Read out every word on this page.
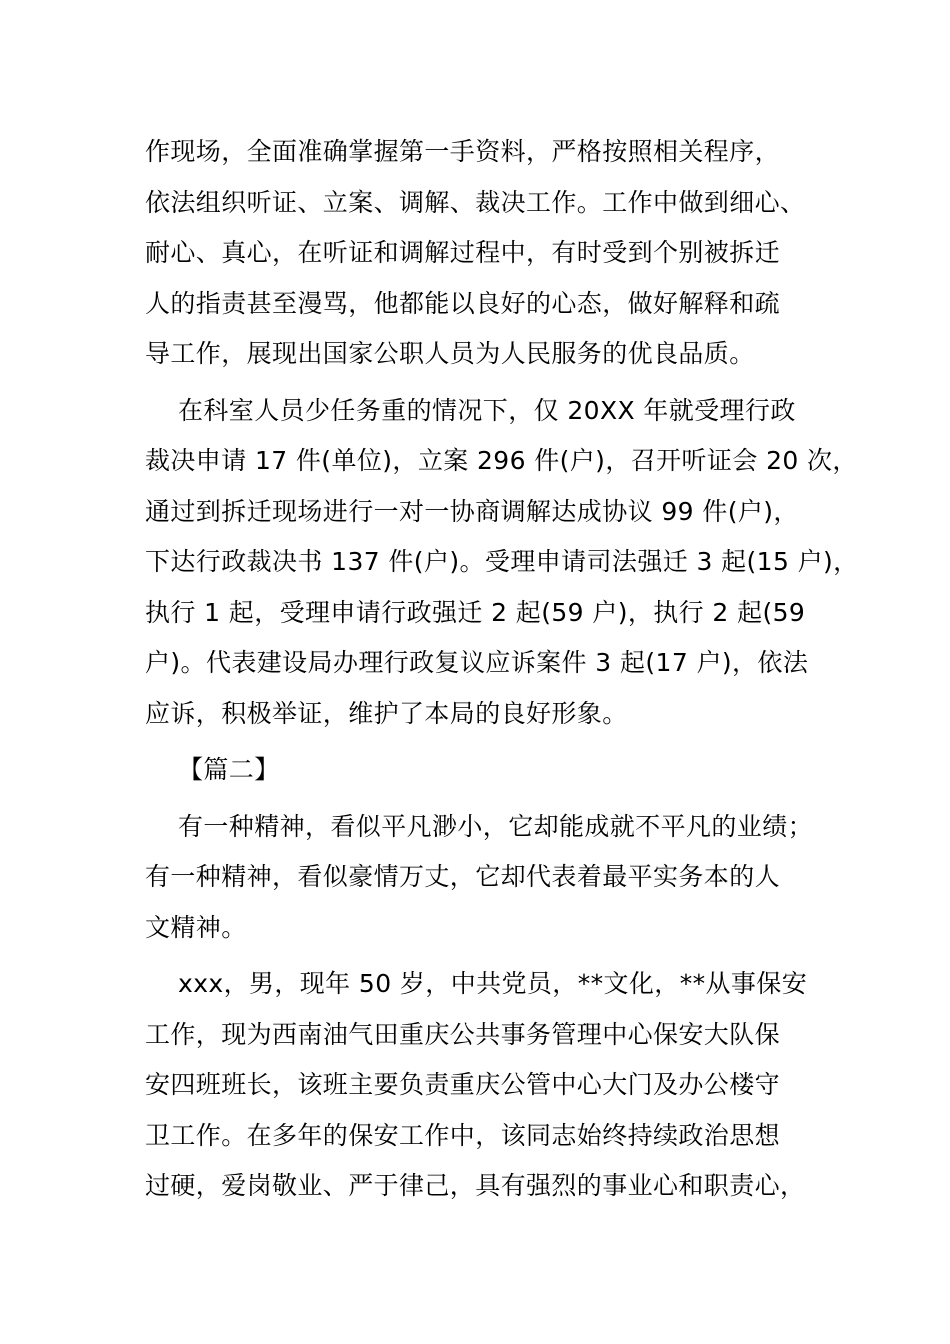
作现场，全面准确掌握第一手资料，严格按照相关程序，
依法组织听证、立案、调解、裁决工作。工作中做到细心、
耐心、真心，在听证和调解过程中，有时受到个别被拆迁
人的指责甚至漫骂，他都能以良好的心态，做好解释和疏
导工作，展现出国家公职人员为人民服务的优良品质。
在科室人员少任务重的情况下，仅 20XX 年就受理行政
裁决申请 17 件(单位)，立案 296 件(户)，召开听证会 20 次，
通过到拆迁现场进行一对一协商调解达成协议 99 件(户)，
下达行政裁决书 137 件(户)。受理申请司法强迁 3 起(15 户)，
执行 1 起，受理申请行政强迁 2 起(59 户)，执行 2 起(59
户)。代表建设局办理行政复议应诉案件 3 起(17 户)，依法
应诉，积极举证，维护了本局的良好形象。
【篇二】
有一种精神，看似平凡渺小，它却能成就不平凡的业绩；
有一种精神，看似豪情万丈，它却代表着最平实务本的人
文精神。
xxx，男，现年 50 岁，中共党员，**文化，**从事保安
工作，现为西南油气田重庆公共事务管理中心保安大队保
安四班班长，该班主要负责重庆公管中心大门及办公楼守
卫工作。在多年的保安工作中，该同志始终持续政治思想
过硬，爱岗敬业、严于律己，具有强烈的事业心和职责心，
